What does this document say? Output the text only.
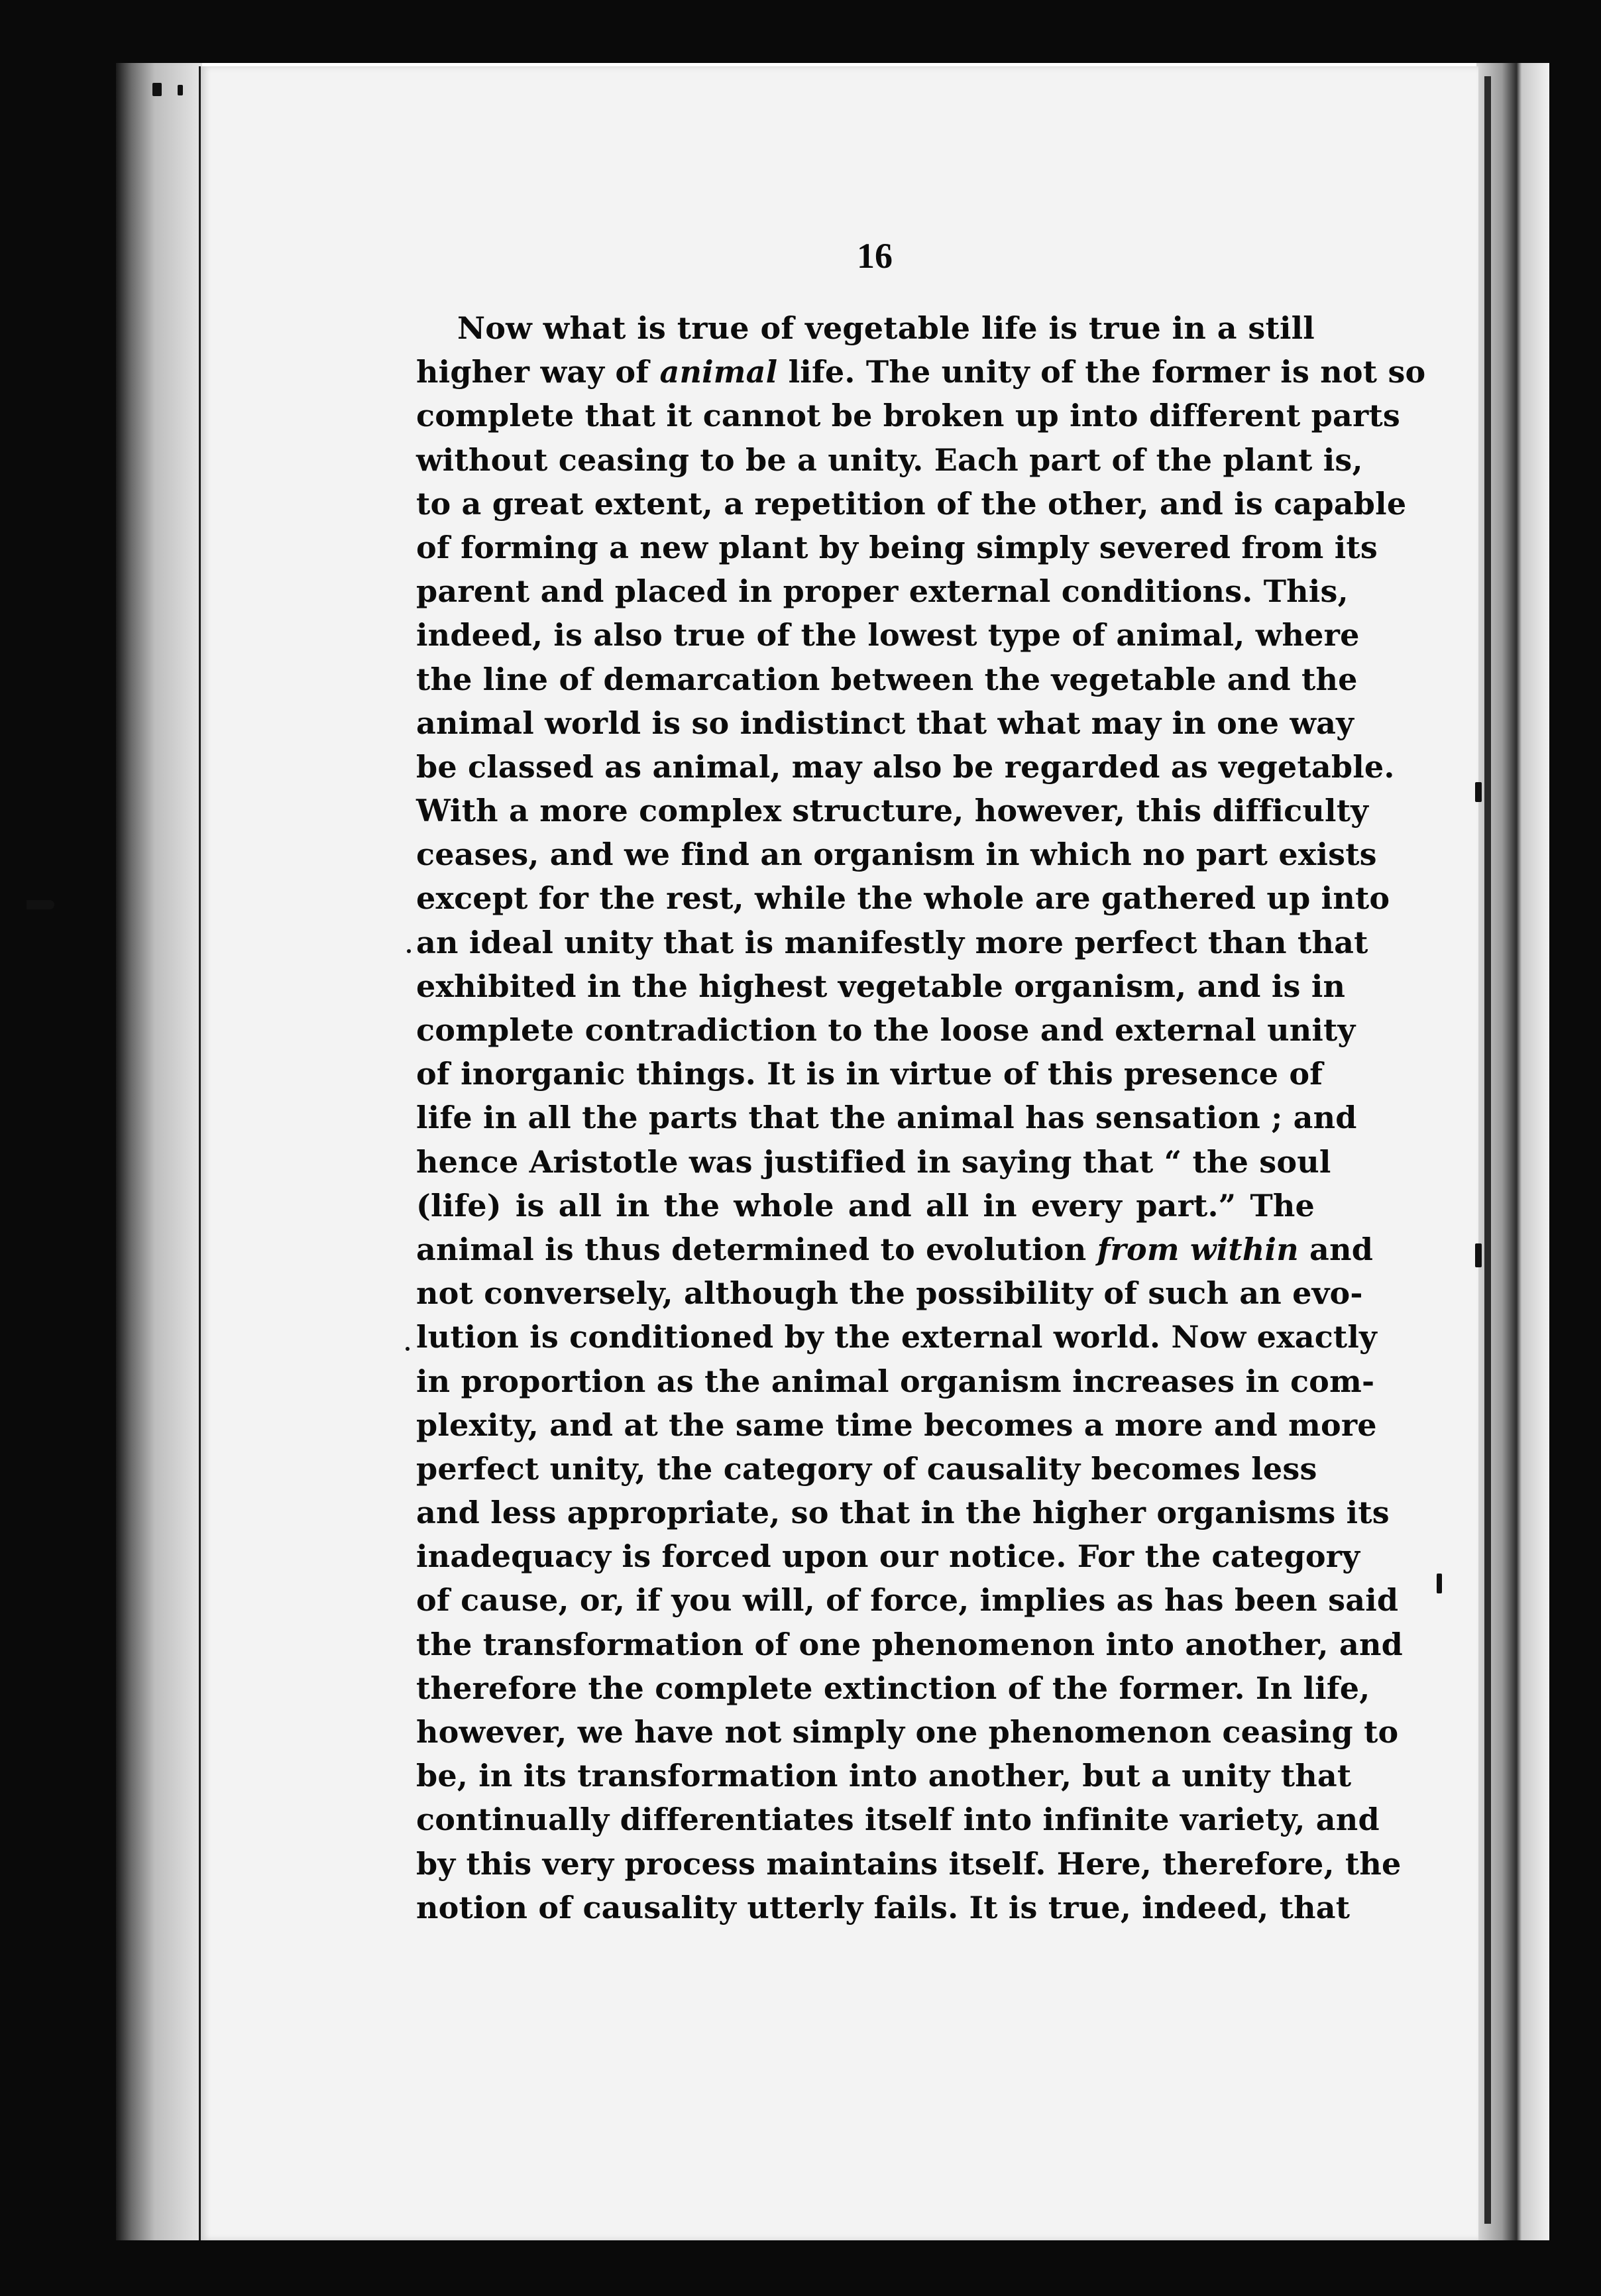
16
Now what is true of vegetable life is true in a still
higher way of animal life. The unity of the former is not so
complete that it cannot be broken up into different parts
without ceasing to be a unity. Each part of the plant is,
to a great extent, a repetition of the other, and is capable
of forming a new plant by being simply severed from its
parent and placed in proper external conditions. This,
indeed, is also true of the lowest type of animal, where
the line of demarcation between the vegetable and the
animal world is so indistinct that what may in one way
be classed as animal, may also be regarded as vegetable.
With a more complex structure, however, this difficulty
ceases, and we find an organism in which no part exists
except for the rest, while the whole are gathered up into
an ideal unity that is manifestly more perfect than that
exhibited in the highest vegetable organism, and is in
complete contradiction to the loose and external unity
of inorganic things. It is in virtue of this presence of
life in all the parts that the animal has sensation ; and
hence Aristotle was justified in saying that “ the soul
(life) is all in the whole and all in every part.” The
animal is thus determined to evolution from within and
not conversely, although the possibility of such an evo-
lution is conditioned by the external world. Now exactly
in proportion as the animal organism increases in com-
plexity, and at the same time becomes a more and more
perfect unity, the category of causality becomes less
and less appropriate, so that in the higher organisms its
inadequacy is forced upon our notice. For the category
of cause, or, if you will, of force, implies as has been said
the transformation of one phenomenon into another, and
therefore the complete extinction of the former. In life,
however, we have not simply one phenomenon ceasing to
be, in its transformation into another, but a unity that
continually differentiates itself into infinite variety, and
by this very process maintains itself. Here, therefore, the
notion of causality utterly fails. It is true, indeed, that
